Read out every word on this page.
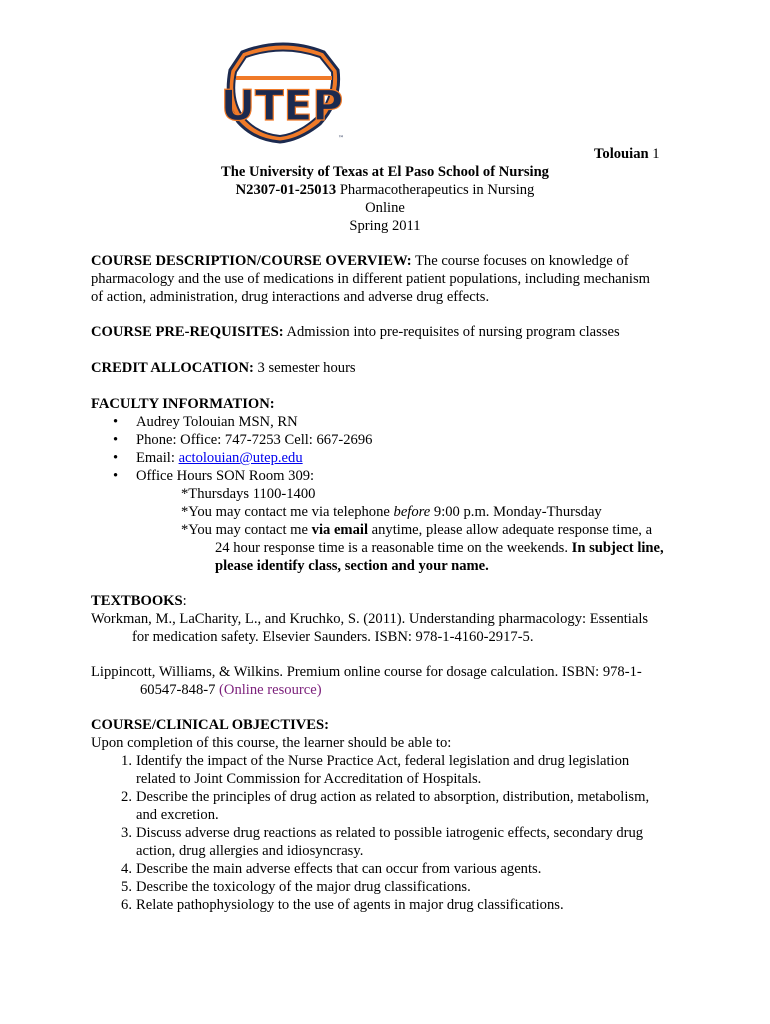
UTEP
™
Tolouian 1
The University of Texas at El Paso School of Nursing
N2307-01-25013 Pharmacotherapeutics in Nursing
Online
Spring 2011
COURSE DESCRIPTION/COURSE OVERVIEW: The course focuses on knowledge of
pharmacology and the use of medications in different patient populations, including mechanism
of action, administration, drug interactions and adverse drug effects.
COURSE PRE-REQUISITES: Admission into pre-requisites of nursing program classes
CREDIT ALLOCATION: 3 semester hours
FACULTY INFORMATION:
• Audrey Tolouian MSN, RN
• Phone: Office: 747-7253 Cell: 667-2696
• Email: actolouian@utep.edu
• Office Hours SON Room 309:
*Thursdays 1100-1400
*You may contact me via telephone before 9:00 p.m. Monday-Thursday
*You may contact me via email anytime, please allow adequate response time, a
24 hour response time is a reasonable time on the weekends. In subject line,
please identify class, section and your name.
TEXTBOOKS:
Workman, M., LaCharity, L., and Kruchko, S. (2011). Understanding pharmacology: Essentials
for medication safety. Elsevier Saunders. ISBN: 978-1-4160-2917-5.
Lippincott, Williams, & Wilkins. Premium online course for dosage calculation. ISBN: 978-1-
60547-848-7 (Online resource)
COURSE/CLINICAL OBJECTIVES:
Upon completion of this course, the learner should be able to:
1. Identify the impact of the Nurse Practice Act, federal legislation and drug legislation
related to Joint Commission for Accreditation of Hospitals.
2. Describe the principles of drug action as related to absorption, distribution, metabolism,
and excretion.
3. Discuss adverse drug reactions as related to possible iatrogenic effects, secondary drug
action, drug allergies and idiosyncrasy.
4. Describe the main adverse effects that can occur from various agents.
5. Describe the toxicology of the major drug classifications.
6. Relate pathophysiology to the use of agents in major drug classifications.
